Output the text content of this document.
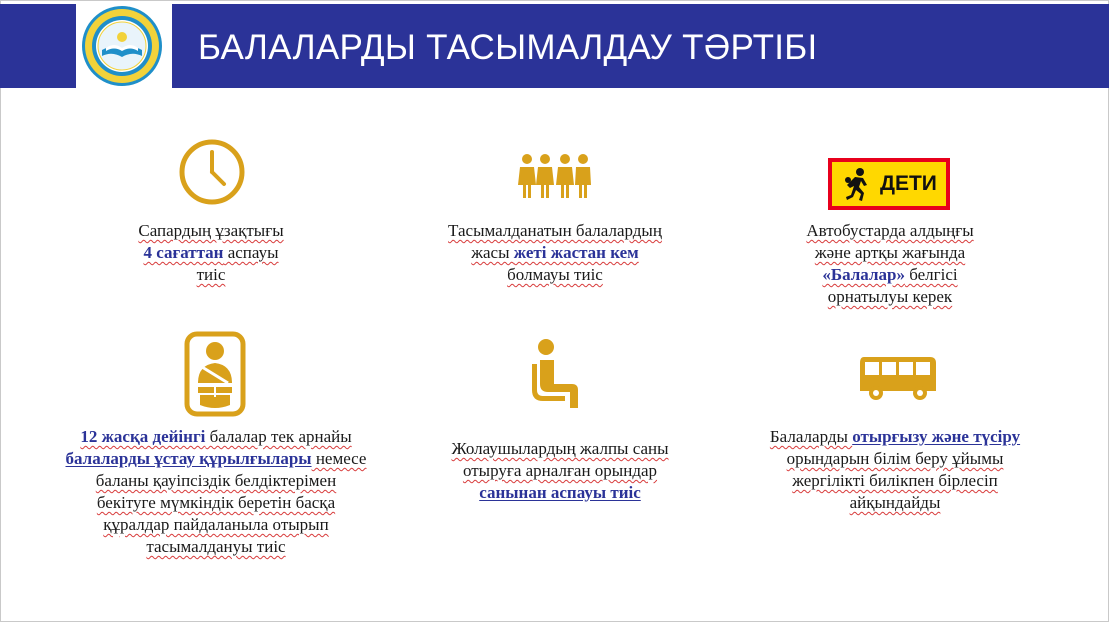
БАЛАЛАРДЫ ТАСЫМАЛДАУ ТӘРТІБІ
Сапардың ұзақтығы
4 сағаттан аспауы
тиіс
Тасымалданатын балалардың
жасы жеті жастан кем
болмауы тиіс
ДЕТИ
Автобустарда алдыңғы
және артқы жағында
«Балалар» белгісі
орнатылуы керек
12 жасқа дейінгі балалар тек арнайы
балаларды ұстау құрылғылары немесе
баланы қауіпсіздік белдіктерімен
бекітуге мүмкіндік беретін басқа
құралдар пайдаланыла отырып
тасымалдануы тиіс
Жолаушылардың жалпы саны
отыруға арналған орындар
санынан аспауы тиіс
Балаларды отырғызу және түсіру
орындарын білім беру ұйымы
жергілікті билікпен бірлесіп
айқындайды
